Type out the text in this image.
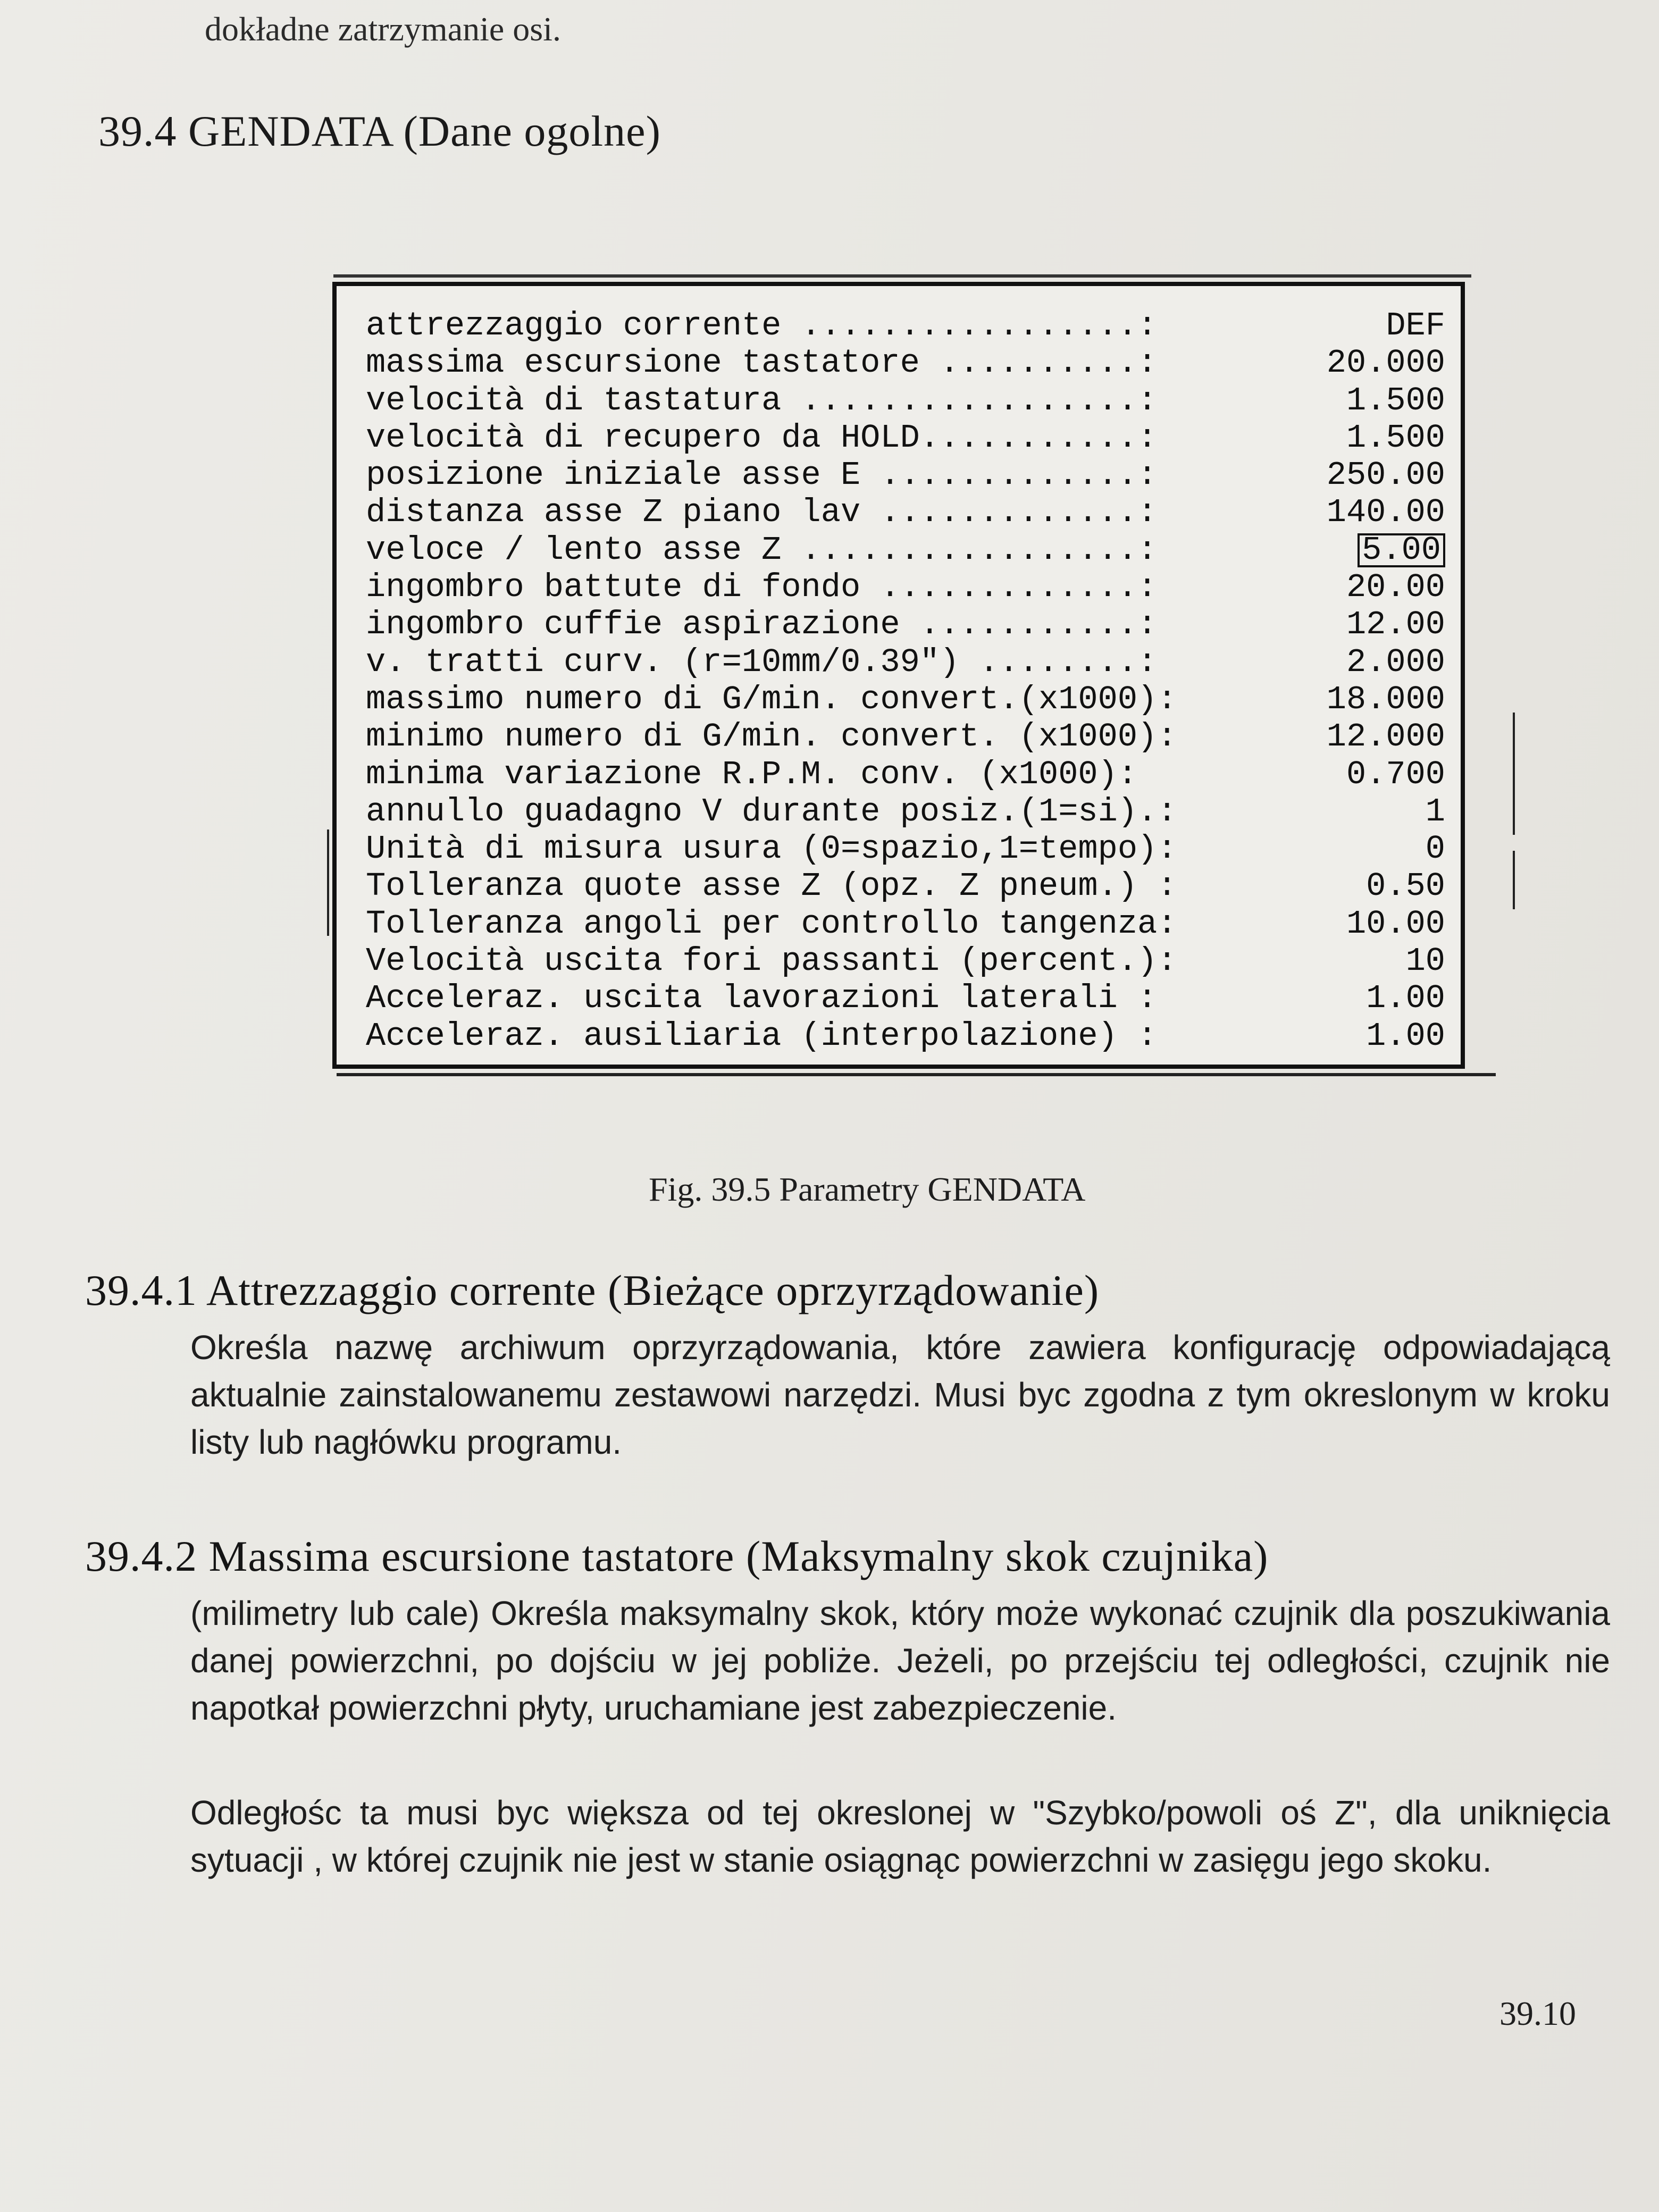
dokładne zatrzymanie osi.
39.4 GENDATA (Dane ogolne)
attrezzaggio corrente .................:	DEF
massima escursione tastatore ..........:	20.000
velocità di tastatura .................:	1.500
velocità di recupero da HOLD...........:	1.500
posizione iniziale asse E .............:	250.00
distanza asse Z piano lav .............:	140.00
veloce / lento asse Z .................:	5.00
ingombro battute di fondo .............:	20.00
ingombro cuffie aspirazione ...........:	12.00
v. tratti curv. (r=10mm/0.39") ........:	2.000
massimo numero di G/min. convert.(x1000):	18.000
minimo numero di G/min. convert. (x1000):	12.000
minima variazione R.P.M. conv. (x1000):	0.700
annullo guadagno V durante posiz.(1=si).:	1
Unità di misura usura (0=spazio,1=tempo):	0
Tolleranza quote asse Z (opz. Z pneum.) :	0.50
Tolleranza angoli per controllo tangenza:	10.00
Velocità uscita fori passanti (percent.):	10
Acceleraz. uscita lavorazioni laterali :	1.00
Acceleraz. ausiliaria (interpolazione) :	1.00
Fig. 39.5 Parametry GENDATA
39.4.1 Attrezzaggio corrente (Bieżące oprzyrządowanie)
Określa nazwę archiwum oprzyrządowania, które zawiera konfigurację odpowiadającą aktualnie zainstalowanemu zestawowi narzędzi. Musi byc zgodna z tym okreslonym w kroku listy lub nagłówku programu.
39.4.2 Massima escursione tastatore (Maksymalny skok czujnika)
(milimetry lub cale) Określa maksymalny skok, który może wykonać czujnik dla poszukiwania danej powierzchni, po dojściu w jej pobliże. Jeżeli, po przejściu tej odległości, czujnik nie napotkał powierzchni płyty, uruchamiane jest zabezpieczenie.
Odległośc ta musi byc większa od tej okreslonej w "Szybko/powoli oś Z", dla uniknięcia sytuacji , w której czujnik nie jest w stanie osiągnąc powierzchni w zasięgu jego skoku.
39.10
